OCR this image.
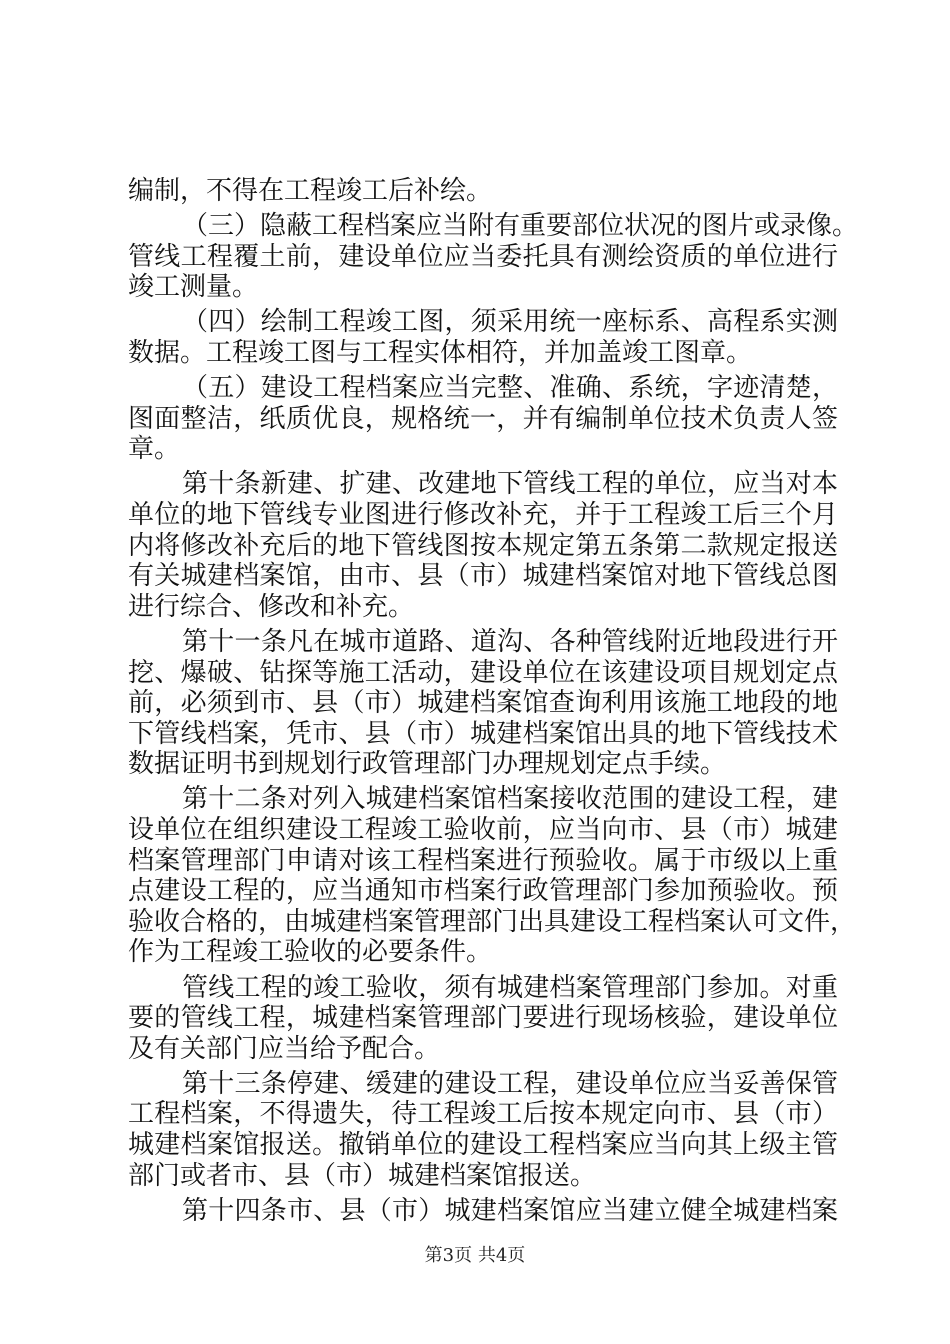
编制，不得在工程竣工后补绘。
（三）隐蔽工程档案应当附有重要部位状况的图片或录像。
管线工程覆土前，建设单位应当委托具有测绘资质的单位进行
竣工测量。
（四）绘制工程竣工图，须采用统一座标系、高程系实测
数据。工程竣工图与工程实体相符，并加盖竣工图章。
（五）建设工程档案应当完整、准确、系统，字迹清楚，
图面整洁，纸质优良，规格统一，并有编制单位技术负责人签
章。
第十条新建、扩建、改建地下管线工程的单位，应当对本
单位的地下管线专业图进行修改补充，并于工程竣工后三个月
内将修改补充后的地下管线图按本规定第五条第二款规定报送
有关城建档案馆，由市、县（市）城建档案馆对地下管线总图
进行综合、修改和补充。
第十一条凡在城市道路、道沟、各种管线附近地段进行开
挖、爆破、钻探等施工活动，建设单位在该建设项目规划定点
前，必须到市、县（市）城建档案馆查询利用该施工地段的地
下管线档案，凭市、县（市）城建档案馆出具的地下管线技术
数据证明书到规划行政管理部门办理规划定点手续。
第十二条对列入城建档案馆档案接收范围的建设工程，建
设单位在组织建设工程竣工验收前，应当向市、县（市）城建
档案管理部门申请对该工程档案进行预验收。属于市级以上重
点建设工程的，应当通知市档案行政管理部门参加预验收。预
验收合格的，由城建档案管理部门出具建设工程档案认可文件，
作为工程竣工验收的必要条件。
管线工程的竣工验收，须有城建档案管理部门参加。对重
要的管线工程，城建档案管理部门要进行现场核验，建设单位
及有关部门应当给予配合。
第十三条停建、缓建的建设工程，建设单位应当妥善保管
工程档案，不得遗失，待工程竣工后按本规定向市、县（市）
城建档案馆报送。撤销单位的建设工程档案应当向其上级主管
部门或者市、县（市）城建档案馆报送。
第十四条市、县（市）城建档案馆应当建立健全城建档案
第3页 共4页
